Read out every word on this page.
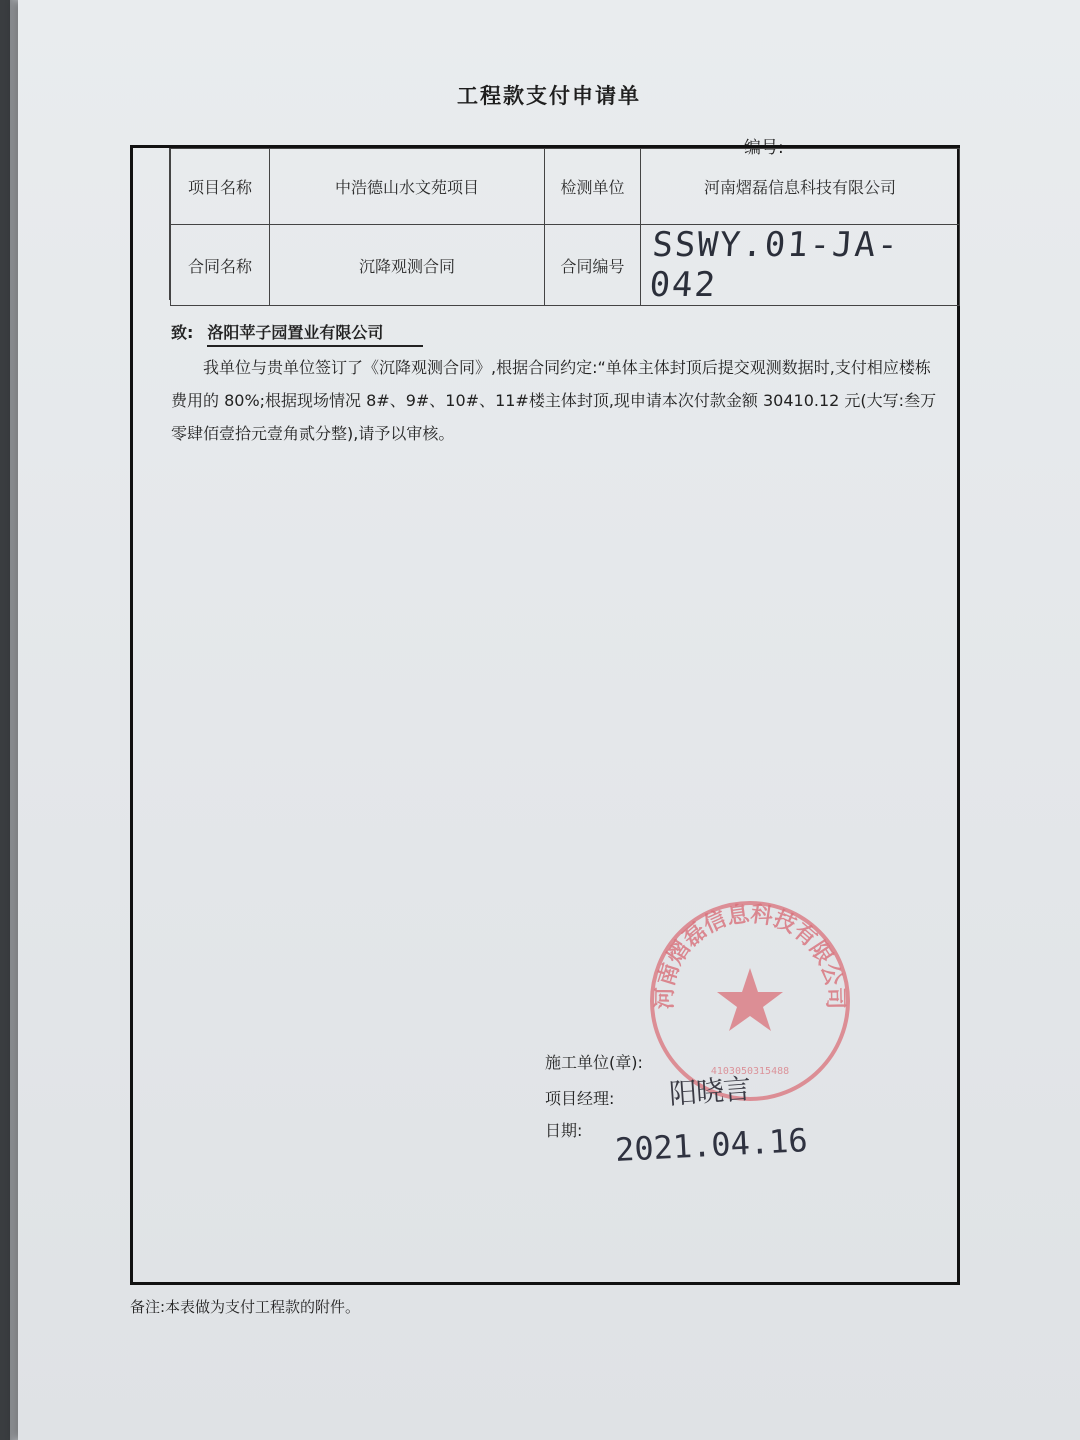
工程款支付申请单
编号:
项目名称	中浩德山水文苑项目	检测单位	河南熠磊信息科技有限公司
合同名称	沉降观测合同	合同编号	SSWY.01-JA-042
致: 洛阳苹子园置业有限公司
我单位与贵单位签订了《沉降观测合同》,根据合同约定:“单体主体封顶后提交观测数据时,支付相应楼栋费用的 80%;根据现场情况 8#、9#、10#、11#楼主体封顶,现申请本次付款金额 30410.12 元(大写:叁万零肆佰壹拾元壹角贰分整),请予以审核。
河南熠磊信息科技有限公司
4103050315488
施工单位(章):
项目经理: 阳晓言
日期: 2021.04.16
备注:本表做为支付工程款的附件。
